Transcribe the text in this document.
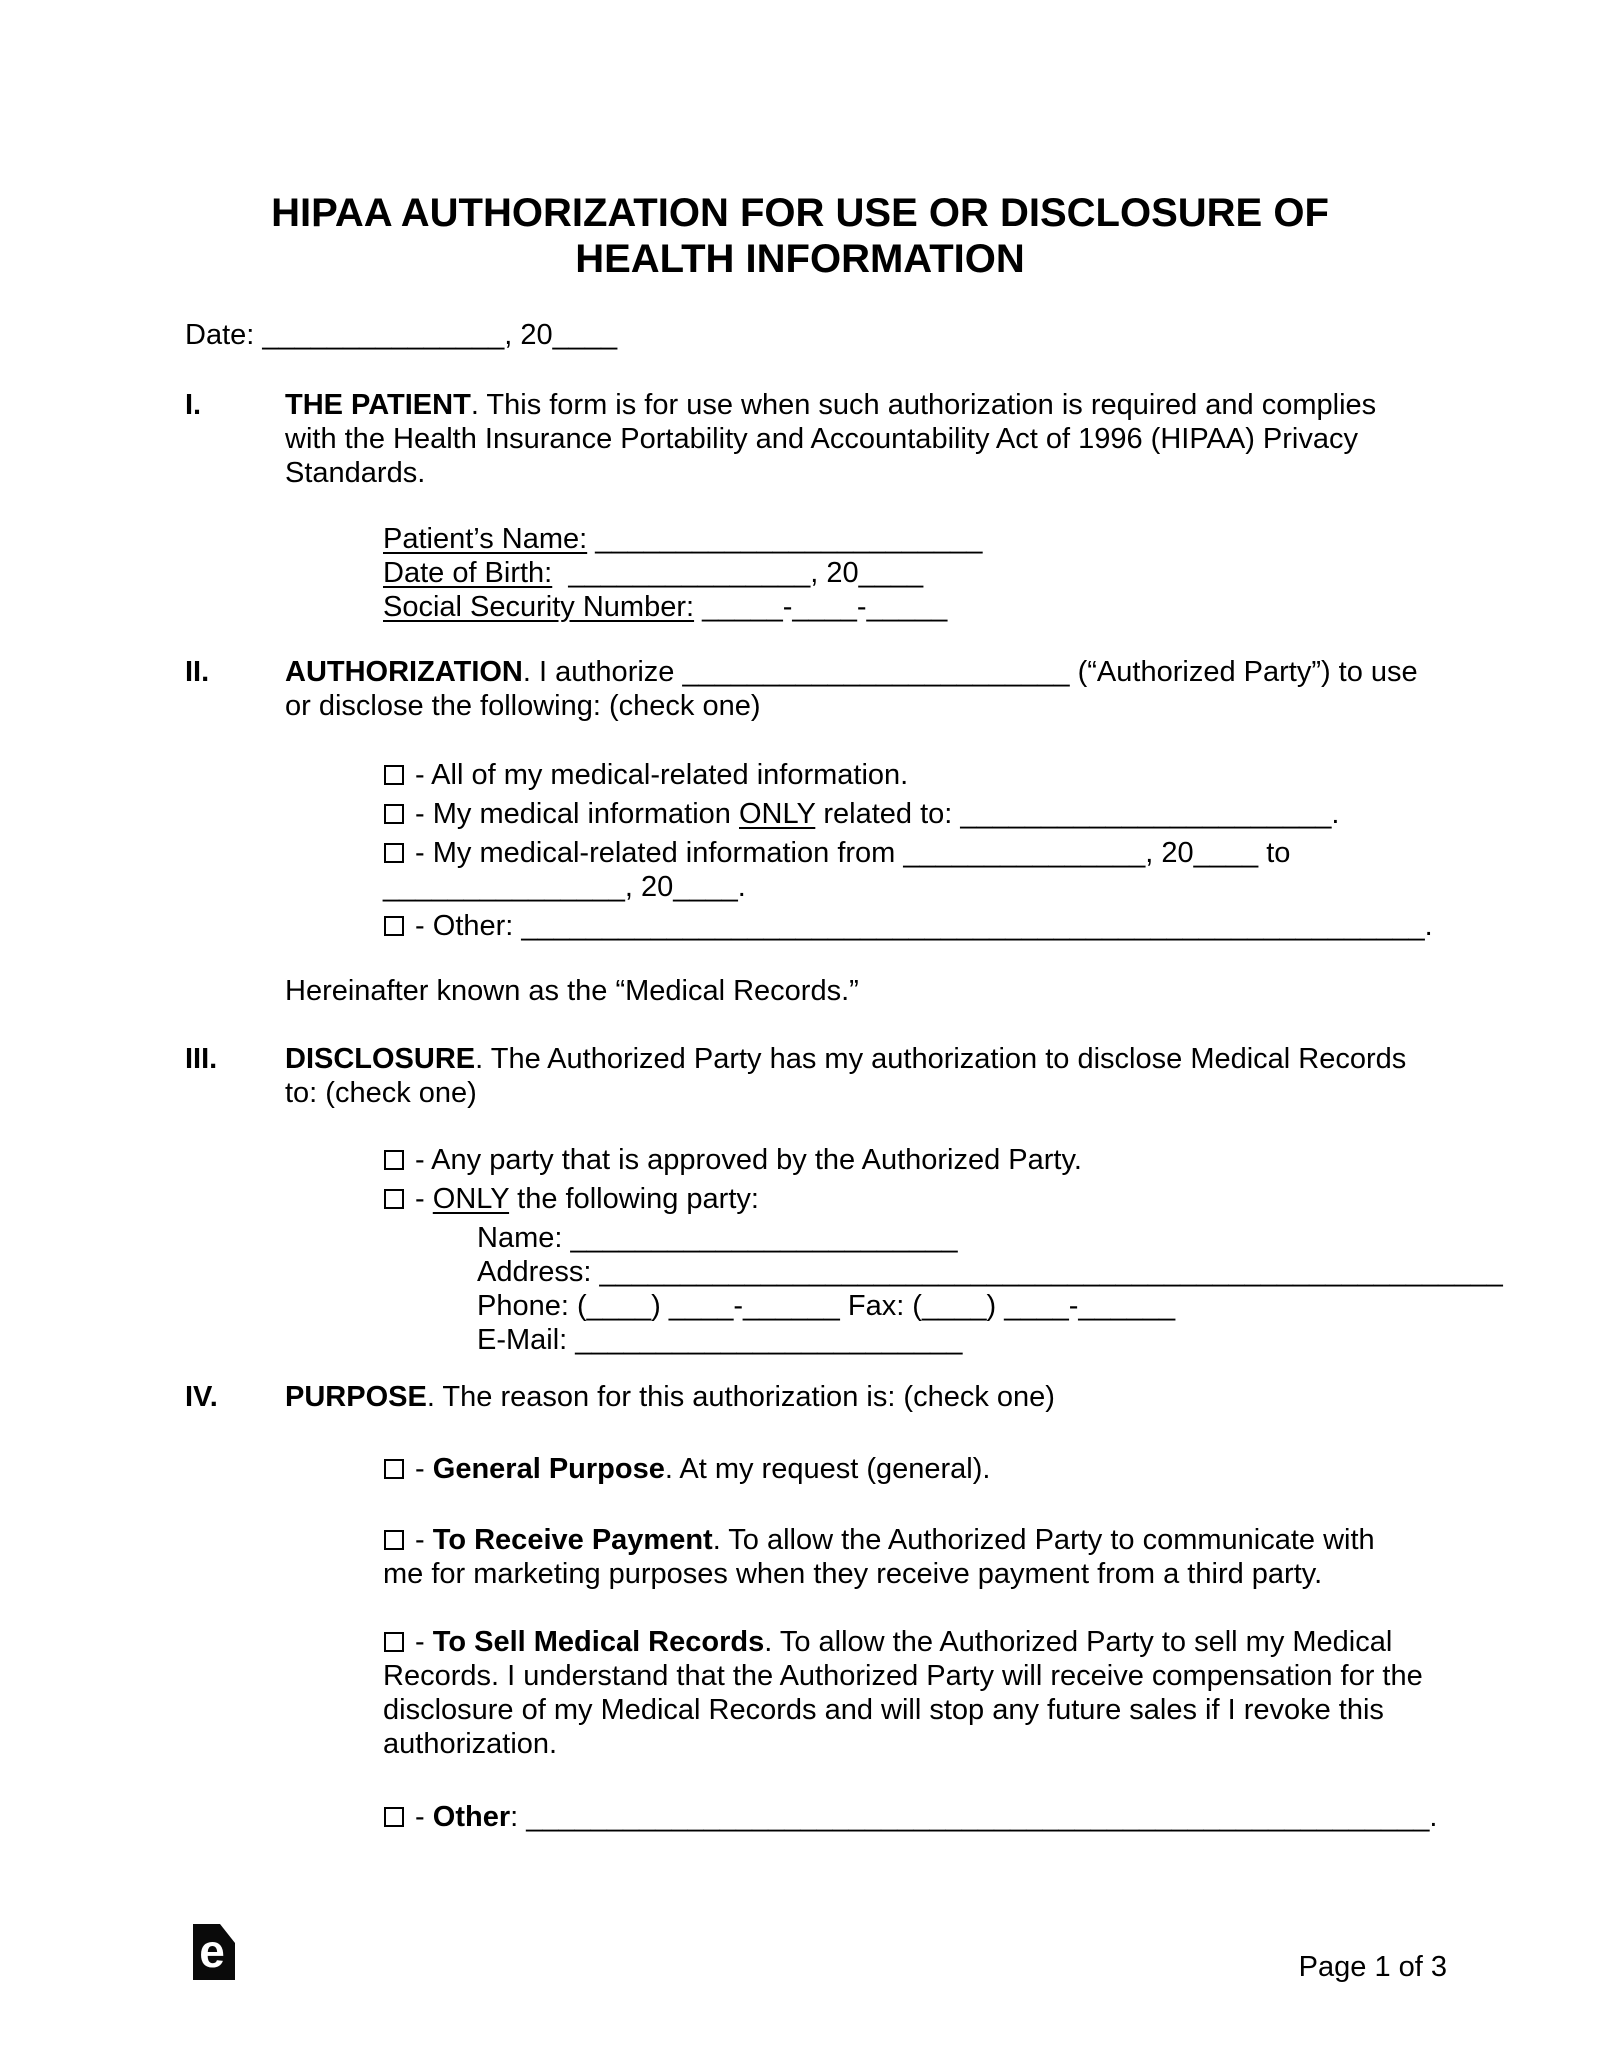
HIPAA AUTHORIZATION FOR USE OR DISCLOSURE OF
HEALTH INFORMATION
Date: _______________, 20____
I.	THE PATIENT. This form is for use when such authorization is required and complies
with the Health Insurance Portability and Accountability Act of 1996 (HIPAA) Privacy
Standards.
Patient’s Name: ________________________
Date of Birth:  _______________, 20____
Social Security Number: _____-____-_____
II.	AUTHORIZATION. I authorize ________________________ (“Authorized Party”) to use
or disclose the following: (check one)
- All of my medical-related information.
- My medical information ONLY related to: _______________________.
- My medical-related information from _______________, 20____ to
_______________, 20____.
- Other: ________________________________________________________.
Hereinafter known as the “Medical Records.”
III. DISCLOSURE. The Authorized Party has my authorization to disclose Medical Records
to: (check one)
- Any party that is approved by the Authorized Party.
- ONLY the following party:
Name: ________________________
Address: ________________________________________________________
Phone: (____) ____-______ Fax: (____) ____-______
E-Mail: ________________________
IV. PURPOSE. The reason for this authorization is: (check one)
- General Purpose. At my request (general).
- To Receive Payment. To allow the Authorized Party to communicate with
me for marketing purposes when they receive payment from a third party.
- To Sell Medical Records. To allow the Authorized Party to sell my Medical
Records. I understand that the Authorized Party will receive compensation for the
disclosure of my Medical Records and will stop any future sales if I revoke this
authorization.
- Other: ________________________________________________________.
e	Page 1 of 3
